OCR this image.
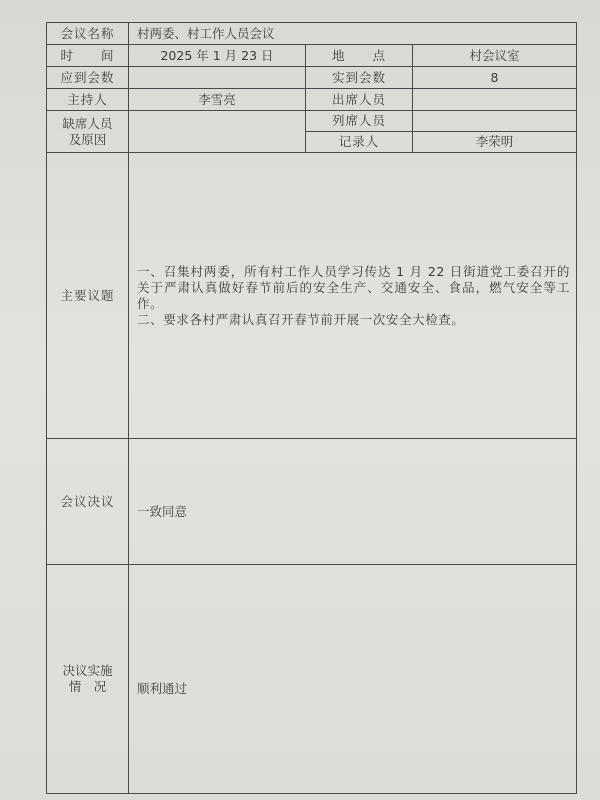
会议名称	村两委、村工作人员会议		
时　　间	2025 年 1 月 23 日	地　　点	村会议室
应到会数		实到会数	8
主持人	李雪亮	出席人员	
缺席人员
及原因		列席人员	
		记录人	李荣明
主要议题	一、召集村两委，所有村工作人员学习传达 1 月 22 日街道党工委召开的关于严肃认真做好春节前后的安全生产、交通安全、食品，燃气安全等工作。

二、要求各村严肃认真召开春节前开展一次安全大检查。		

会议决议	一致同意		
决议实施
情　况	顺利通过		
